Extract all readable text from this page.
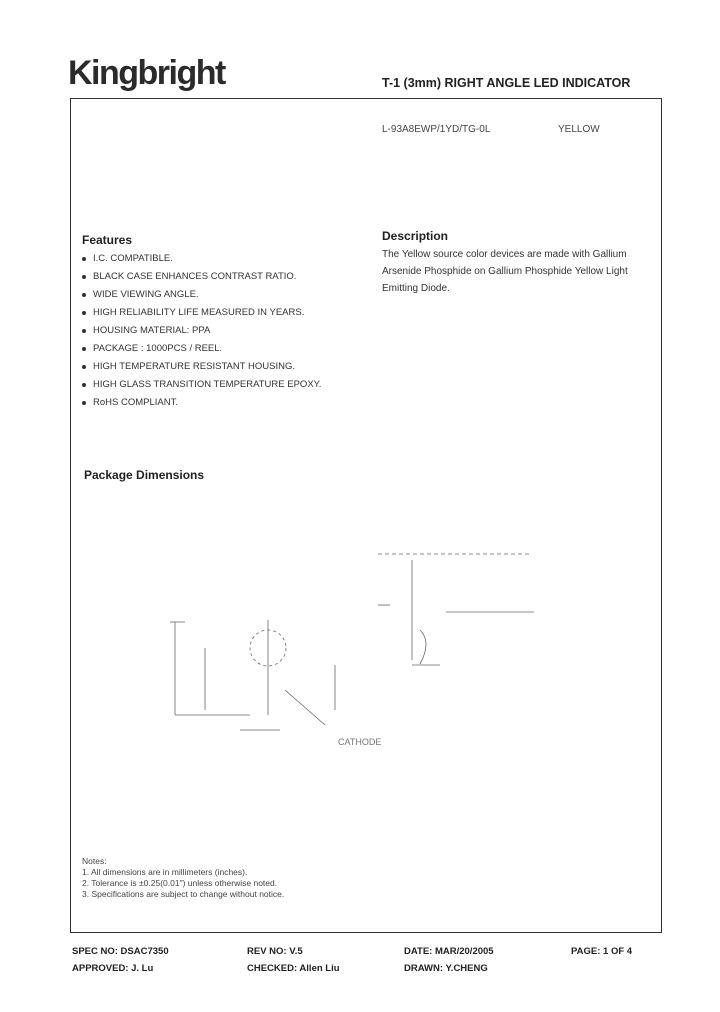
Kingbright	T-1 (3mm) RIGHT ANGLE LED INDICATOR
L-93A8EWP/1YD/TG-0L	YELLOW
Features
I.C. COMPATIBLE.
BLACK CASE ENHANCES CONTRAST RATIO.
WIDE VIEWING ANGLE.
HIGH RELIABILITY LIFE MEASURED IN YEARS.
HOUSING MATERIAL: PPA
PACKAGE : 1000PCS / REEL.
HIGH TEMPERATURE RESISTANT HOUSING.
HIGH GLASS TRANSITION TEMPERATURE EPOXY.
RoHS COMPLIANT.
Description
The Yellow source color devices are made with Gallium Arsenide Phosphide on Gallium Phosphide Yellow Light Emitting Diode.
Package Dimensions
CATHODE
Notes:
1. All dimensions are in millimeters (inches).
2. Tolerance is ±0.25(0.01") unless otherwise noted.
3. Specifications are subject to change without notice.
SPEC NO: DSAC7350	REV NO: V.5	DATE: MAR/20/2005	PAGE: 1 OF 4
APPROVED: J. Lu	CHECKED: Allen Liu	DRAWN: Y.CHENG
